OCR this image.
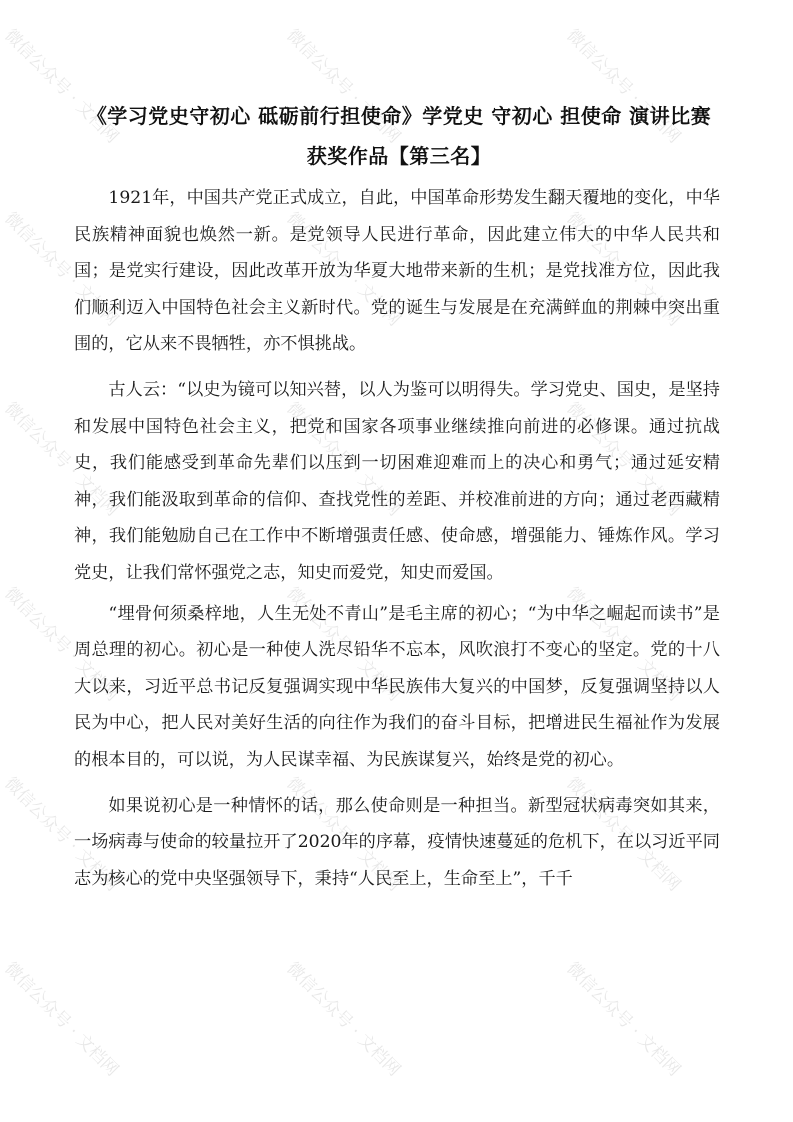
微信公众号 · 文档网	微信公众号 · 文档网	微信公众号 · 文档网
微信公众号 · 文档网	微信公众号 · 文档网	微信公众号 · 文档网
微信公众号 · 文档网	微信公众号 · 文档网	微信公众号 · 文档网
微信公众号 · 文档网	微信公众号 · 文档网	微信公众号 · 文档网
微信公众号 · 文档网	微信公众号 · 文档网	微信公众号 · 文档网
微信公众号 · 文档网	微信公众号 · 文档网	微信公众号 · 文档网
《学习党史守初心 砥砺前行担使命》学党史 守初心 担使命 演讲比赛 获奖作品【第三名】

1921年，中国共产党正式成立，自此，中国革命形势发生翻天覆地的变化，中华民族精神面貌也焕然一新。是党领导人民进行革命，因此建立伟大的中华人民共和国；是党实行建设，因此改革开放为华夏大地带来新的生机；是党找准方位，因此我们顺利迈入中国特色社会主义新时代。党的诞生与发展是在充满鲜血的荆棘中突出重围的，它从来不畏牺牲，亦不惧挑战。

古人云：“以史为镜可以知兴替，以人为鉴可以明得失。学习党史、国史，是坚持和发展中国特色社会主义，把党和国家各项事业继续推向前进的必修课。通过抗战史，我们能感受到革命先辈们以压到一切困难迎难而上的决心和勇气；通过延安精神，我们能汲取到革命的信仰、查找党性的差距、并校准前进的方向；通过老西藏精神，我们能勉励自己在工作中不断增强责任感、使命感，增强能力、锤炼作风。学习党史，让我们常怀强党之志，知史而爱党，知史而爱国。

“埋骨何须桑梓地，人生无处不青山”是毛主席的初心；“为中华之崛起而读书”是周总理的初心。初心是一种使人洗尽铅华不忘本，风吹浪打不变心的坚定。党的十八大以来，习近平总书记反复强调实现中华民族伟大复兴的中国梦，反复强调坚持以人民为中心，把人民对美好生活的向往作为我们的奋斗目标，把增进民生福祉作为发展的根本目的，可以说，为人民谋幸福、为民族谋复兴，始终是党的初心。

如果说初心是一种情怀的话，那么使命则是一种担当。新型冠状病毒突如其来，一场病毒与使命的较量拉开了2020年的序幕，疫情快速蔓延的危机下，在以习近平同志为核心的党中央坚强领导下，秉持“人民至上，生命至上”，千千
